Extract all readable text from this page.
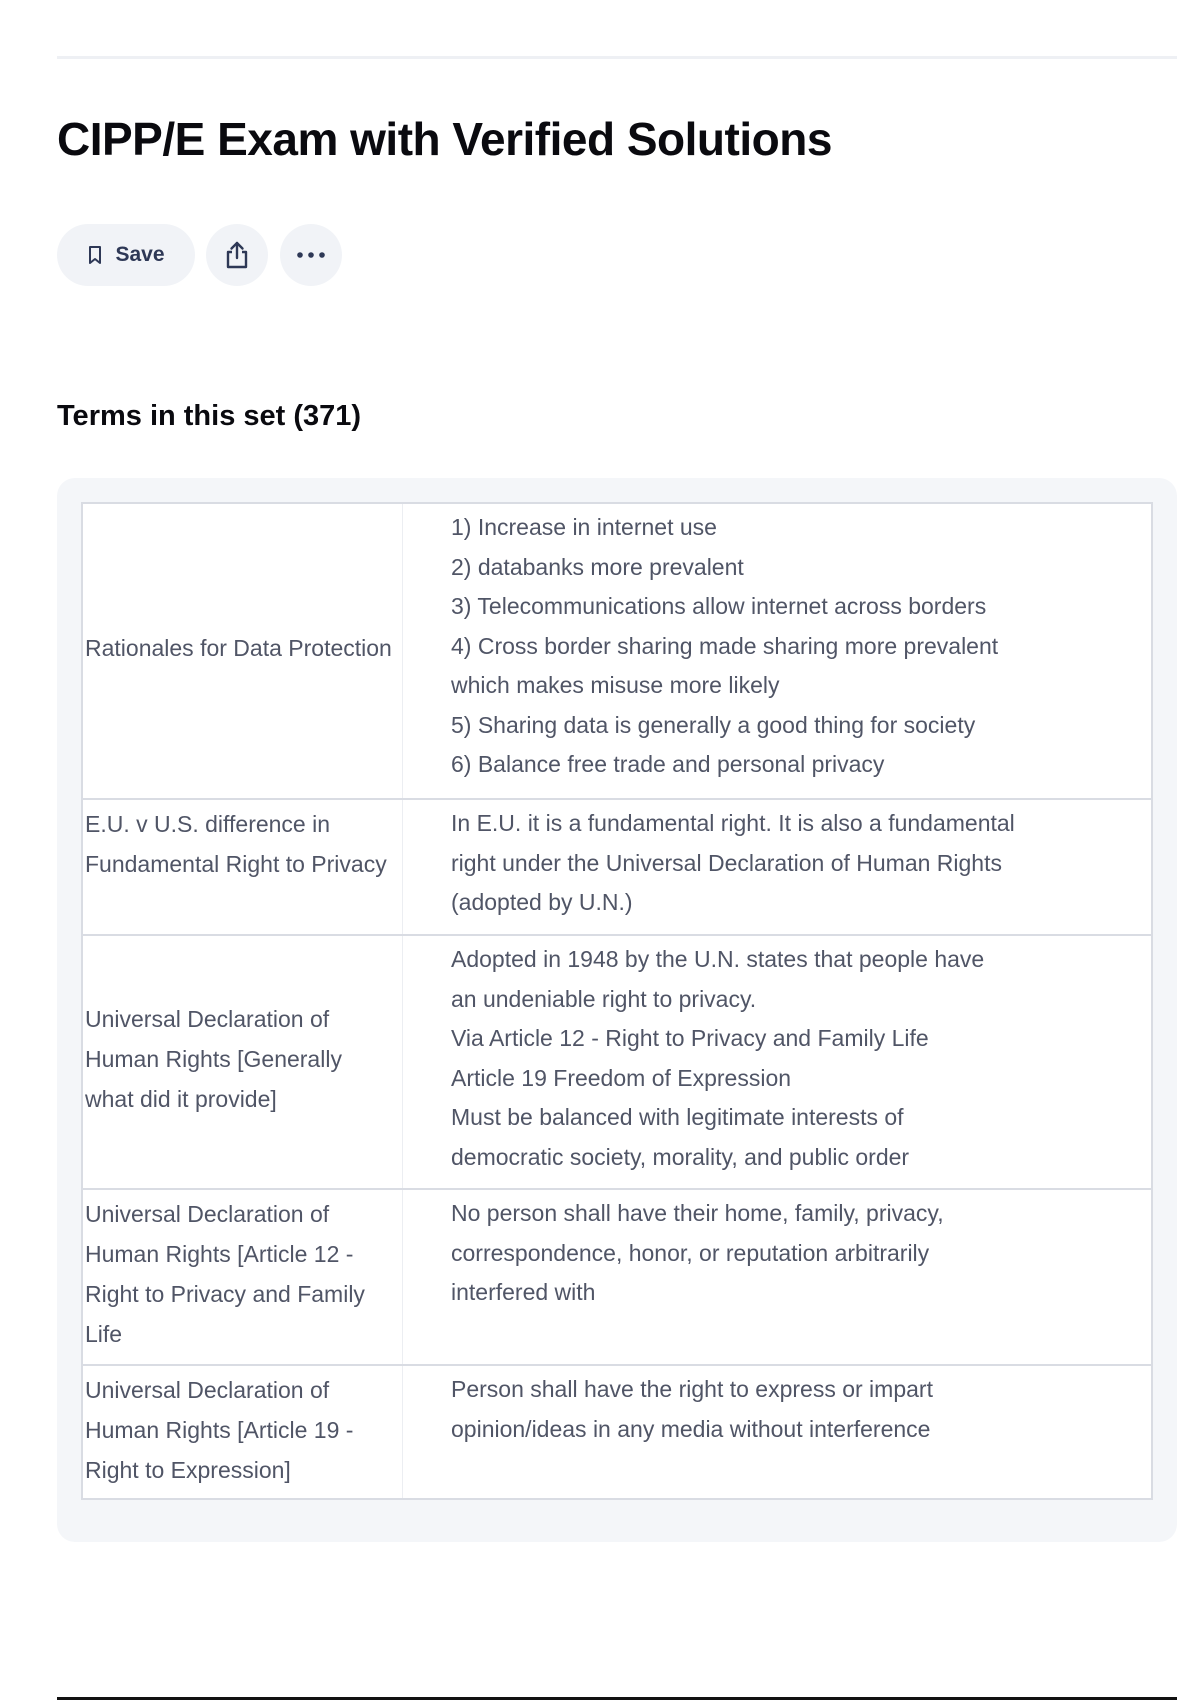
CIPP/E Exam with Verified Solutions
Save
Terms in this set (371)
Rationales for Data Protection
1) Increase in internet use
2) databanks more prevalent
3) Telecommunications allow internet across borders
4) Cross border sharing made sharing more prevalent
which makes misuse more likely
5) Sharing data is generally a good thing for society
6) Balance free trade and personal privacy
E.U. v U.S. difference in Fundamental Right to Privacy
In E.U. it is a fundamental right. It is also a fundamental
right under the Universal Declaration of Human Rights
(adopted by U.N.)
Universal Declaration of Human Rights [Generally what did it provide]
Adopted in 1948 by the U.N. states that people have
an undeniable right to privacy.
Via Article 12 - Right to Privacy and Family Life
Article 19 Freedom of Expression
Must be balanced with legitimate interests of
democratic society, morality, and public order
Universal Declaration of Human Rights [Article 12 - Right to Privacy and Family Life
No person shall have their home, family, privacy,
correspondence, honor, or reputation arbitrarily
interfered with
Universal Declaration of Human Rights [Article 19 - Right to Expression]
Person shall have the right to express or impart
opinion/ideas in any media without interference
